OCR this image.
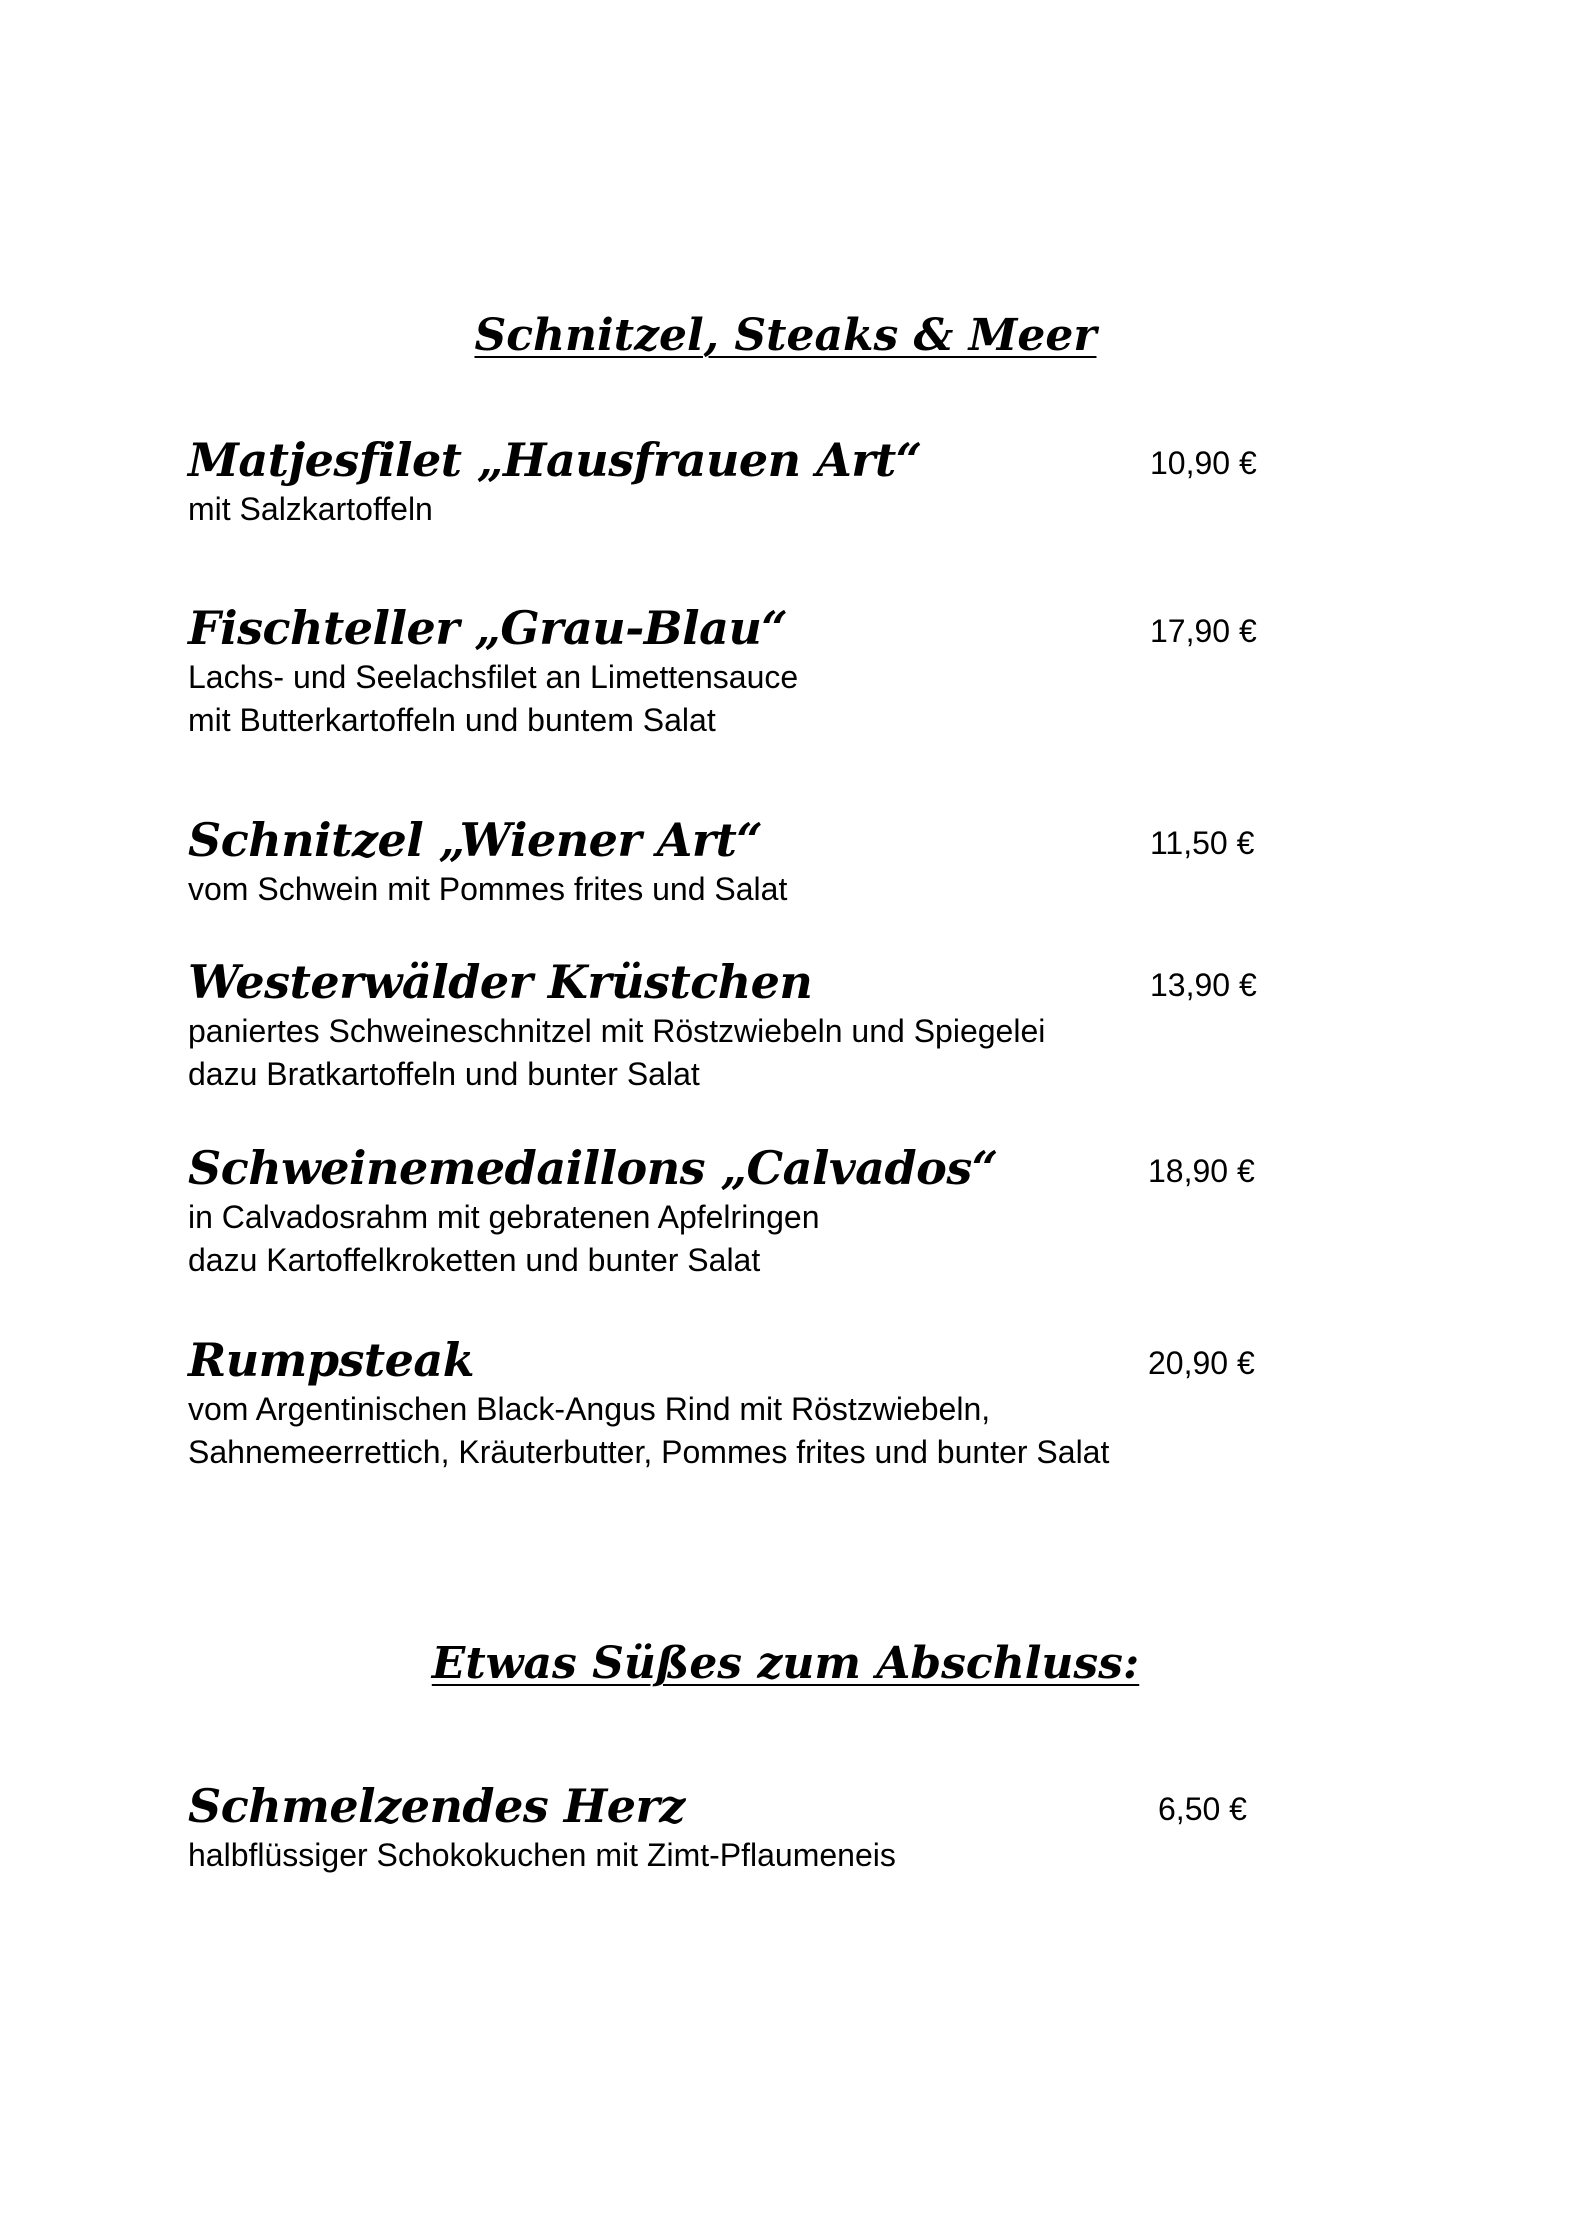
Schnitzel, Steaks & Meer
Matjesfilet „Hausfrauen Art“	10,90 €
mit Salzkartoffeln
Fischteller „Grau-Blau“	17,90 €
Lachs- und Seelachsfilet an Limettensauce
mit Butterkartoffeln und buntem Salat
Schnitzel „Wiener Art“	11,50 €
vom Schwein mit Pommes frites und Salat
Westerwälder Krüstchen	13,90 €
paniertes Schweineschnitzel mit Röstzwiebeln und Spiegelei
dazu Bratkartoffeln und bunter Salat
Schweinemedaillons „Calvados“	18,90 €
in Calvadosrahm mit gebratenen Apfelringen
dazu Kartoffelkroketten und bunter Salat
Rumpsteak	20,90 €
vom Argentinischen Black-Angus Rind mit Röstzwiebeln,
Sahnemeerrettich, Kräuterbutter, Pommes frites und bunter Salat
Etwas Süßes zum Abschluss:
Schmelzendes Herz	6,50 €
halbflüssiger Schokokuchen mit Zimt-Pflaumeneis
